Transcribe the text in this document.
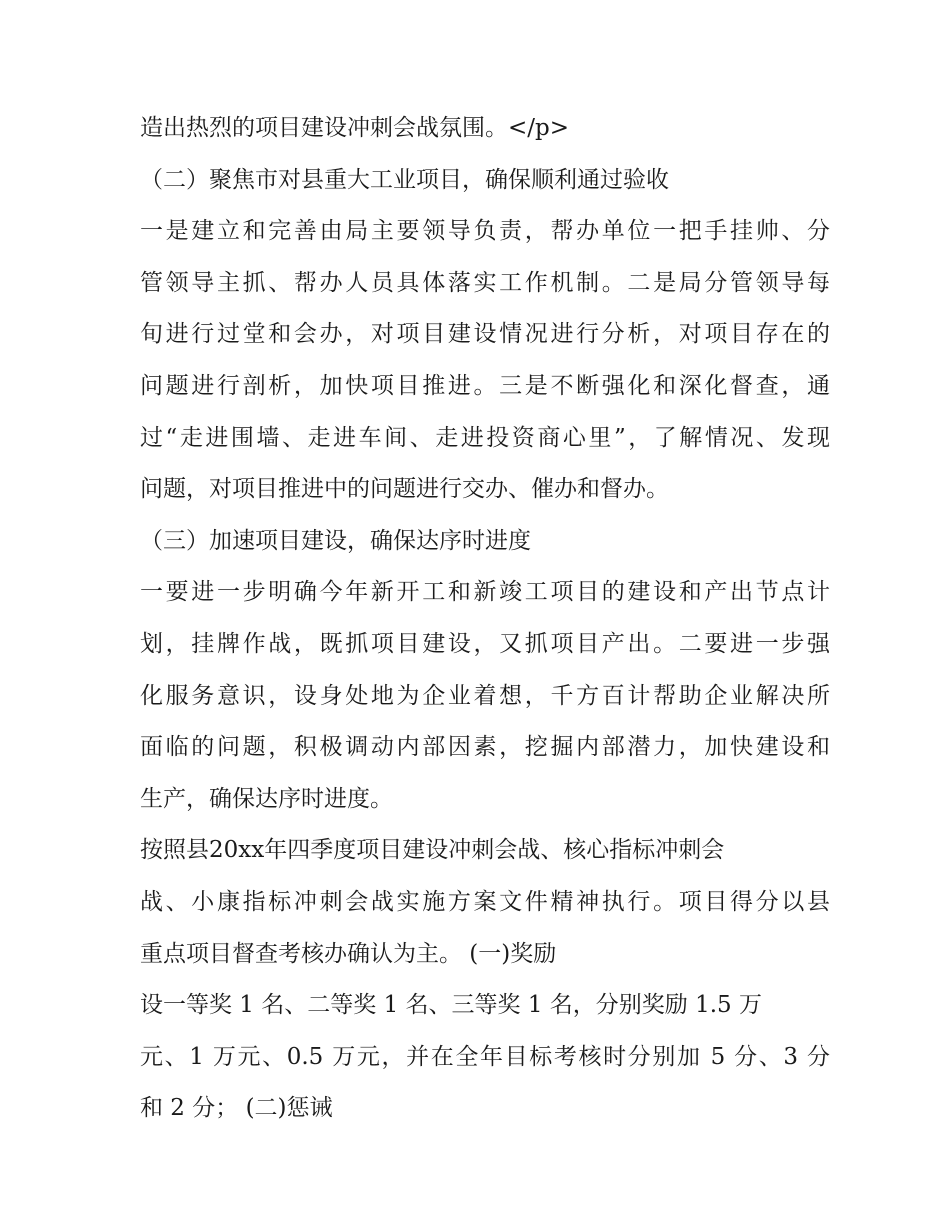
造出热烈的项目建设冲刺会战氛围。</p>
（二）聚焦市对县重大工业项目，确保顺利通过验收
一是建立和完善由局主要领导负责，帮办单位一把手挂帅、分
管领导主抓、帮办人员具体落实工作机制。二是局分管领导每
旬进行过堂和会办，对项目建设情况进行分析，对项目存在的
问题进行剖析，加快项目推进。三是不断强化和深化督查，通
过“走进围墙、走进车间、走进投资商心里”，了解情况、发现
问题，对项目推进中的问题进行交办、催办和督办。
（三）加速项目建设，确保达序时进度
一要进一步明确今年新开工和新竣工项目的建设和产出节点计
划，挂牌作战，既抓项目建设，又抓项目产出。二要进一步强
化服务意识，设身处地为企业着想，千方百计帮助企业解决所
面临的问题，积极调动内部因素，挖掘内部潜力，加快建设和
生产，确保达序时进度。
按照县20xx年四季度项目建设冲刺会战、核心指标冲刺会
战、小康指标冲刺会战实施方案文件精神执行。项目得分以县
重点项目督查考核办确认为主。 (一)奖励
设一等奖 1 名、二等奖 1 名、三等奖 1 名，分别奖励 1.5 万
元、1 万元、0.5 万元，并在全年目标考核时分别加 5 分、3 分
和 2 分； (二)惩诫
